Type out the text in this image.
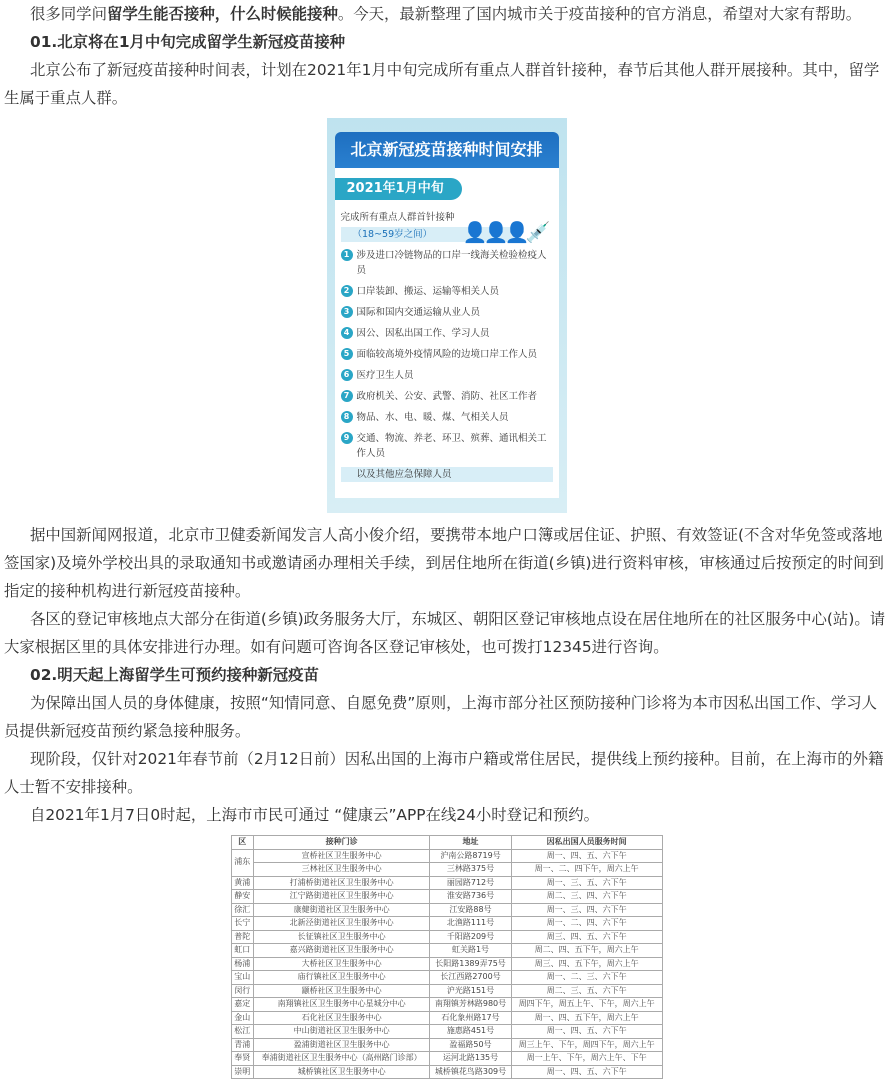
很多同学问留学生能否接种，什么时候能接种。今天，最新整理了国内城市关于疫苗接种的官方消息，希望对大家有帮助。

01.北京将在1月中旬完成留学生新冠疫苗接种

北京公布了新冠疫苗接种时间表，计划在2021年1月中旬完成所有重点人群首针接种，春节后其他人群开展接种。其中，留学生属于重点人群。

北京新冠疫苗接种时间安排
2021年1月中旬
完成所有重点人群首针接种
（18~59岁之间）
1 涉及进口冷链物品的口岸一线海关检验检疫人员
2 口岸装卸、搬运、运输等相关人员
3 国际和国内交通运输从业人员
4 因公、因私出国工作、学习人员
5 面临较高境外疫情风险的边境口岸工作人员
6 医疗卫生人员
7 政府机关、公安、武警、消防、社区工作者
8 物品、水、电、暖、煤、气相关人员
9 交通、物流、养老、环卫、殡葬、通讯相关工作人员
以及其他应急保障人员
👤👤👤💉

据中国新闻网报道，北京市卫健委新闻发言人高小俊介绍，要携带本地户口簿或居住证、护照、有效签证(不含对华免签或落地签国家)及境外学校出具的录取通知书或邀请函办理相关手续，到居住地所在街道(乡镇)进行资料审核，审核通过后按预定的时间到指定的接种机构进行新冠疫苗接种。

各区的登记审核地点大部分在街道(乡镇)政务服务大厅，东城区、朝阳区登记审核地点设在居住地所在的社区服务中心(站)。请大家根据区里的具体安排进行办理。如有问题可咨询各区登记审核处，也可拨打12345进行咨询。

02.明天起上海留学生可预约接种新冠疫苗

为保障出国人员的身体健康，按照“知情同意、自愿免费”原则，上海市部分社区预防接种门诊将为本市因私出国工作、学习人员提供新冠疫苗预约紧急接种服务。

现阶段，仅针对2021年春节前（2月12日前）因私出国的上海市户籍或常住居民，提供线上预约接种。目前，在上海市的外籍人士暂不安排接种。

自2021年1月7日0时起，上海市市民可通过 “健康云”APP在线24小时登记和预约。

区	接种门诊	地址	因私出国人员服务时间
浦东	宣桥社区卫生服务中心	沪南公路8719号	周一、四、五、六下午
	三林社区卫生服务中心	三林路375号	周一、二、四下午，周六上午
黄浦	打浦桥街道社区卫生服务中心	丽园路712号	周一、三、五、六下午
静安	江宁路街道社区卫生服务中心	淮安路736号	周二、三、四、六下午
徐汇	康健街道社区卫生服务中心	江安路88号	周一、三、四、六下午
长宁	北新泾街道社区卫生服务中心	北渔路111号	周一、二、四、六下午
普陀	长征镇社区卫生服务中心	千阳路209号	周三、四、五、六下午
虹口	嘉兴路街道社区卫生服务中心	虹关路1号	周二、四、五下午，周六上午
杨浦	大桥社区卫生服务中心	长阳路1389弄75号	周三、四、五下午，周六上午
宝山	庙行镇社区卫生服务中心	长江西路2700号	周一、二、三、六下午
闵行	颛桥社区卫生服务中心	沪光路151号	周二、三、五、六下午
嘉定	南翔镇社区卫生服务中心星城分中心	南翔镇芳林路980号	周四下午，周五上午、下午，周六上午
金山	石化社区卫生服务中心	石化象州路17号	周一、四、五下午，周六上午
松江	中山街道社区卫生服务中心	施惠路451号	周一、四、五、六下午
青浦	盈浦街道社区卫生服务中心	盈福路50号	周三上午、下午，周四下午，周六上午
奉贤	奉浦街道社区卫生服务中心（高州路门诊部）	运河北路135号	周一上午、下午，周六上午、下午
崇明	城桥镇社区卫生服务中心	城桥镇花鸟路309号	周一、四、五、六下午
